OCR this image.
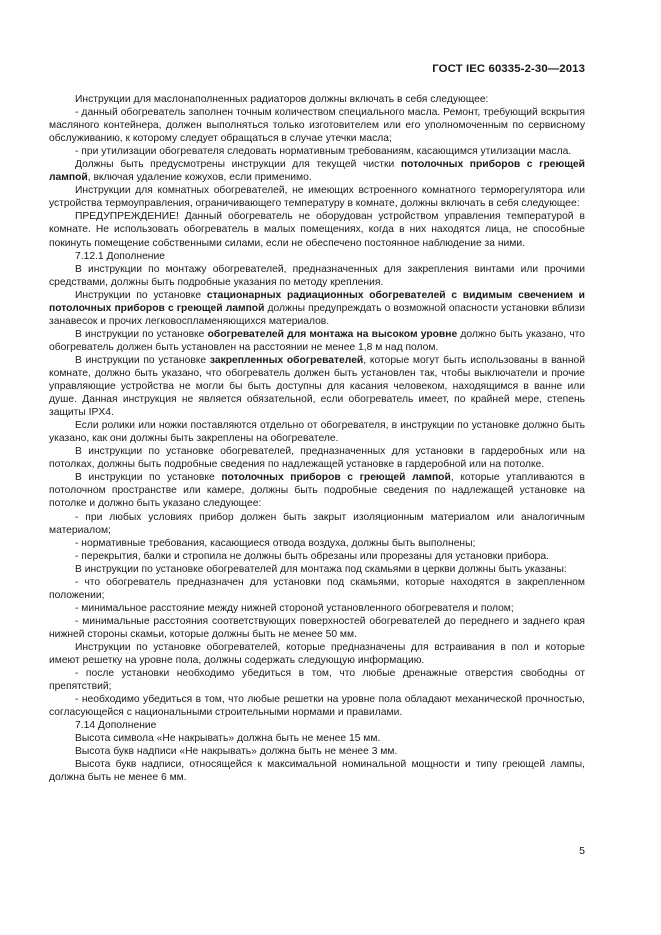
ГОСТ IEC 60335-2-30—2013

Инструкции для маслонаполненных радиаторов должны включать в себя следующее:

- данный обогреватель заполнен точным количеством специального масла. Ремонт, требующий вскрытия масляного контейнера, должен выполняться только изготовителем или его уполномоченным по сервисному обслуживанию, к которому следует обращаться в случае утечки масла;

- при утилизации обогревателя следовать нормативным требованиям, касающимся утилизации масла.

Должны быть предусмотрены инструкции для текущей чистки потолочных приборов с греющей лампой, включая удаление кожухов, если применимо.

Инструкции для комнатных обогревателей, не имеющих встроенного комнатного терморегулятора или устройства термоуправления, ограничивающего температуру в комнате, должны включать в себя следующее:

ПРЕДУПРЕЖДЕНИЕ! Данный обогреватель не оборудован устройством управления температурой в комнате. Не использовать обогреватель в малых помещениях, когда в них находятся лица, не способные покинуть помещение собственными силами, если не обеспечено постоянное наблюдение за ними.

7.12.1 Дополнение

В инструкции по монтажу обогревателей, предназначенных для закрепления винтами или прочими средствами, должны быть подробные указания по методу крепления.

Инструкции по установке стационарных радиационных обогревателей с видимым свечением и потолочных приборов с греющей лампой должны предупреждать о возможной опасности установки вблизи занавесок и прочих легковоспламеняющихся материалов.

В инструкции по установке обогревателей для монтажа на высоком уровне должно быть указано, что обогреватель должен быть установлен на расстоянии не менее 1,8 м над полом.

В инструкции по установке закрепленных обогревателей, которые могут быть использованы в ванной комнате, должно быть указано, что обогреватель должен быть установлен так, чтобы выключатели и прочие управляющие устройства не могли бы быть доступны для касания человеком, находящимся в ванне или душе. Данная инструкция не является обязательной, если обогреватель имеет, по крайней мере, степень защиты IPX4.

Если ролики или ножки поставляются отдельно от обогревателя, в инструкции по установке должно быть указано, как они должны быть закреплены на обогревателе.

В инструкции по установке обогревателей, предназначенных для установки в гардеробных или на потолках, должны быть подробные сведения по надлежащей установке в гардеробной или на потолке.

В инструкции по установке потолочных приборов с греющей лампой, которые утапливаются в потолочном пространстве или камере, должны быть подробные сведения по надлежащей установке на потолке и должно быть указано следующее:

- при любых условиях прибор должен быть закрыт изоляционным материалом или аналогичным материалом;

- нормативные требования, касающиеся отвода воздуха, должны быть выполнены;

- перекрытия, балки и стропила не должны быть обрезаны или прорезаны для установки прибора.

В инструкции по установке обогревателей для монтажа под скамьями в церкви должны быть указаны:

- что обогреватель предназначен для установки под скамьями, которые находятся в закрепленном положении;

- минимальное расстояние между нижней стороной установленного обогревателя и полом;

- минимальные расстояния соответствующих поверхностей обогревателей до переднего и заднего края нижней стороны скамьи, которые должны быть не менее 50 мм.

Инструкции по установке обогревателей, которые предназначены для встраивания в пол и которые имеют решетку на уровне пола, должны содержать следующую информацию.

- после установки необходимо убедиться в том, что любые дренажные отверстия свободны от препятствий;

- необходимо убедиться в том, что любые решетки на уровне пола обладают механической прочностью, согласующейся с национальными строительными нормами и правилами.

7.14 Дополнение

Высота символа «Не накрывать» должна быть не менее 15 мм.

Высота букв надписи «Не накрывать» должна быть не менее 3 мм.

Высота букв надписи, относящейся к максимальной номинальной мощности и типу греющей лампы, должна быть не менее 6 мм.

5
